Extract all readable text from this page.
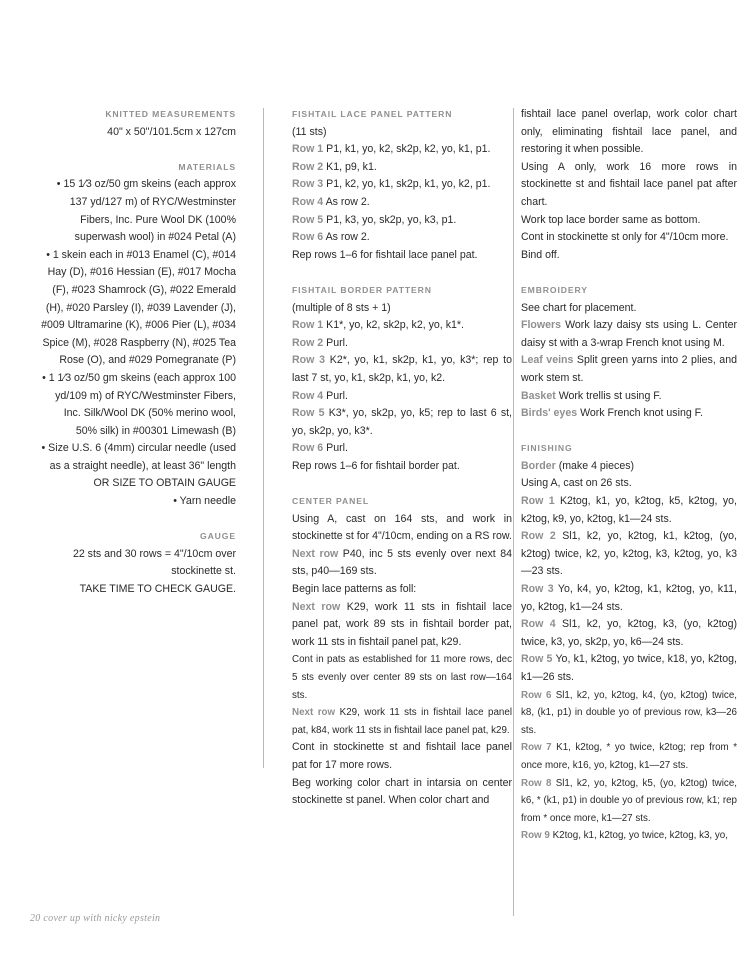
KNITTED MEASUREMENTS

40" x 50"/101.5cm x 127cm

MATERIALS

• 15 1⁄3 oz/50 gm skeins (each approx 137 yd/127 m) of RYC/Westminster Fibers, Inc. Pure Wool DK (100% superwash wool) in #024 Petal (A)

• 1 skein each in #013 Enamel (C), #014 Hay (D), #016 Hessian (E), #017 Mocha (F), #023 Shamrock (G), #022 Emerald (H), #020 Parsley (I), #039 Lavender (J), #009 Ultramarine (K), #006 Pier (L), #034 Spice (M), #028 Raspberry (N), #025 Tea Rose (O), and #029 Pomegranate (P)

• 1 1⁄3 oz/50 gm skeins (each approx 100 yd/109 m) of RYC/Westminster Fibers, Inc. Silk/Wool DK (50% merino wool, 50% silk) in #00301 Limewash (B)

• Size U.S. 6 (4mm) circular needle (used as a straight needle), at least 36" length OR SIZE TO OBTAIN GAUGE

• Yarn needle

GAUGE

22 sts and 30 rows = 4"/10cm over stockinette st.

TAKE TIME TO CHECK GAUGE.

FISHTAIL LACE PANEL PATTERN

(11 sts)

Row 1 P1, k1, yo, k2, sk2p, k2, yo, k1, p1.

Row 2 K1, p9, k1.

Row 3 P1, k2, yo, k1, sk2p, k1, yo, k2, p1.

Row 4 As row 2.

Row 5 P1, k3, yo, sk2p, yo, k3, p1.

Row 6 As row 2.

Rep rows 1–6 for fishtail lace panel pat.

FISHTAIL BORDER PATTERN

(multiple of 8 sts + 1)

Row 1 K1*, yo, k2, sk2p, k2, yo, k1*.

Row 2 Purl.

Row 3 K2*, yo, k1, sk2p, k1, yo, k3*; rep to last 7 st, yo, k1, sk2p, k1, yo, k2.

Row 4 Purl.

Row 5 K3*, yo, sk2p, yo, k5; rep to last 6 st, yo, sk2p, yo, k3*.

Row 6 Purl.

Rep rows 1–6 for fishtail border pat.

CENTER PANEL

Using A, cast on 164 sts, and work in stockinette st for 4"/10cm, ending on a RS row.

Next row P40, inc 5 sts evenly over next 84 sts, p40—169 sts.

Begin lace patterns as foll:

Next row K29, work 11 sts in fishtail lace panel pat, work 89 sts in fishtail border pat, work 11 sts in fishtail panel pat, k29.

Cont in pats as established for 11 more rows, dec 5 sts evenly over center 89 sts on last row—164 sts.

Next row K29, work 11 sts in fishtail lace panel pat, k84, work 11 sts in fishtail lace panel pat, k29.

Cont in stockinette st and fishtail lace panel pat for 17 more rows.

Beg working color chart in intarsia on center stockinette st panel. When color chart and

fishtail lace panel overlap, work color chart only, eliminating fishtail lace panel, and restoring it when possible.

Using A only, work 16 more rows in stockinette st and fishtail lace panel pat after chart.

Work top lace border same as bottom.

Cont in stockinette st only for 4"/10cm more.

Bind off.

EMBROIDERY

See chart for placement.

Flowers Work lazy daisy sts using L. Center daisy st with a 3-wrap French knot using M.

Leaf veins Split green yarns into 2 plies, and work stem st.

Basket Work trellis st using F.

Birds' eyes Work French knot using F.

FINISHING

Border (make 4 pieces)

Using A, cast on 26 sts.

Row 1 K2tog, k1, yo, k2tog, k5, k2tog, yo, k2tog, k9, yo, k2tog, k1—24 sts.

Row 2 Sl1, k2, yo, k2tog, k1, k2tog, (yo, k2tog) twice, k2, yo, k2tog, k3, k2tog, yo, k3—23 sts.

Row 3 Yo, k4, yo, k2tog, k1, k2tog, yo, k11, yo, k2tog, k1—24 sts.

Row 4 Sl1, k2, yo, k2tog, k3, (yo, k2tog) twice, k3, yo, sk2p, yo, k6—24 sts.

Row 5 Yo, k1, k2tog, yo twice, k18, yo, k2tog, k1—26 sts.

Row 6 Sl1, k2, yo, k2tog, k4, (yo, k2tog) twice, k8, (k1, p1) in double yo of previous row, k3—26 sts.

Row 7 K1, k2tog, * yo twice, k2tog; rep from * once more, k16, yo, k2tog, k1—27 sts.

Row 8 Sl1, k2, yo, k2tog, k5, (yo, k2tog) twice, k6, * (k1, p1) in double yo of previous row, k1; rep from * once more, k1—27 sts.

Row 9 K2tog, k1, k2tog, yo twice, k2tog, k3, yo,

20 cover up with nicky epstein
